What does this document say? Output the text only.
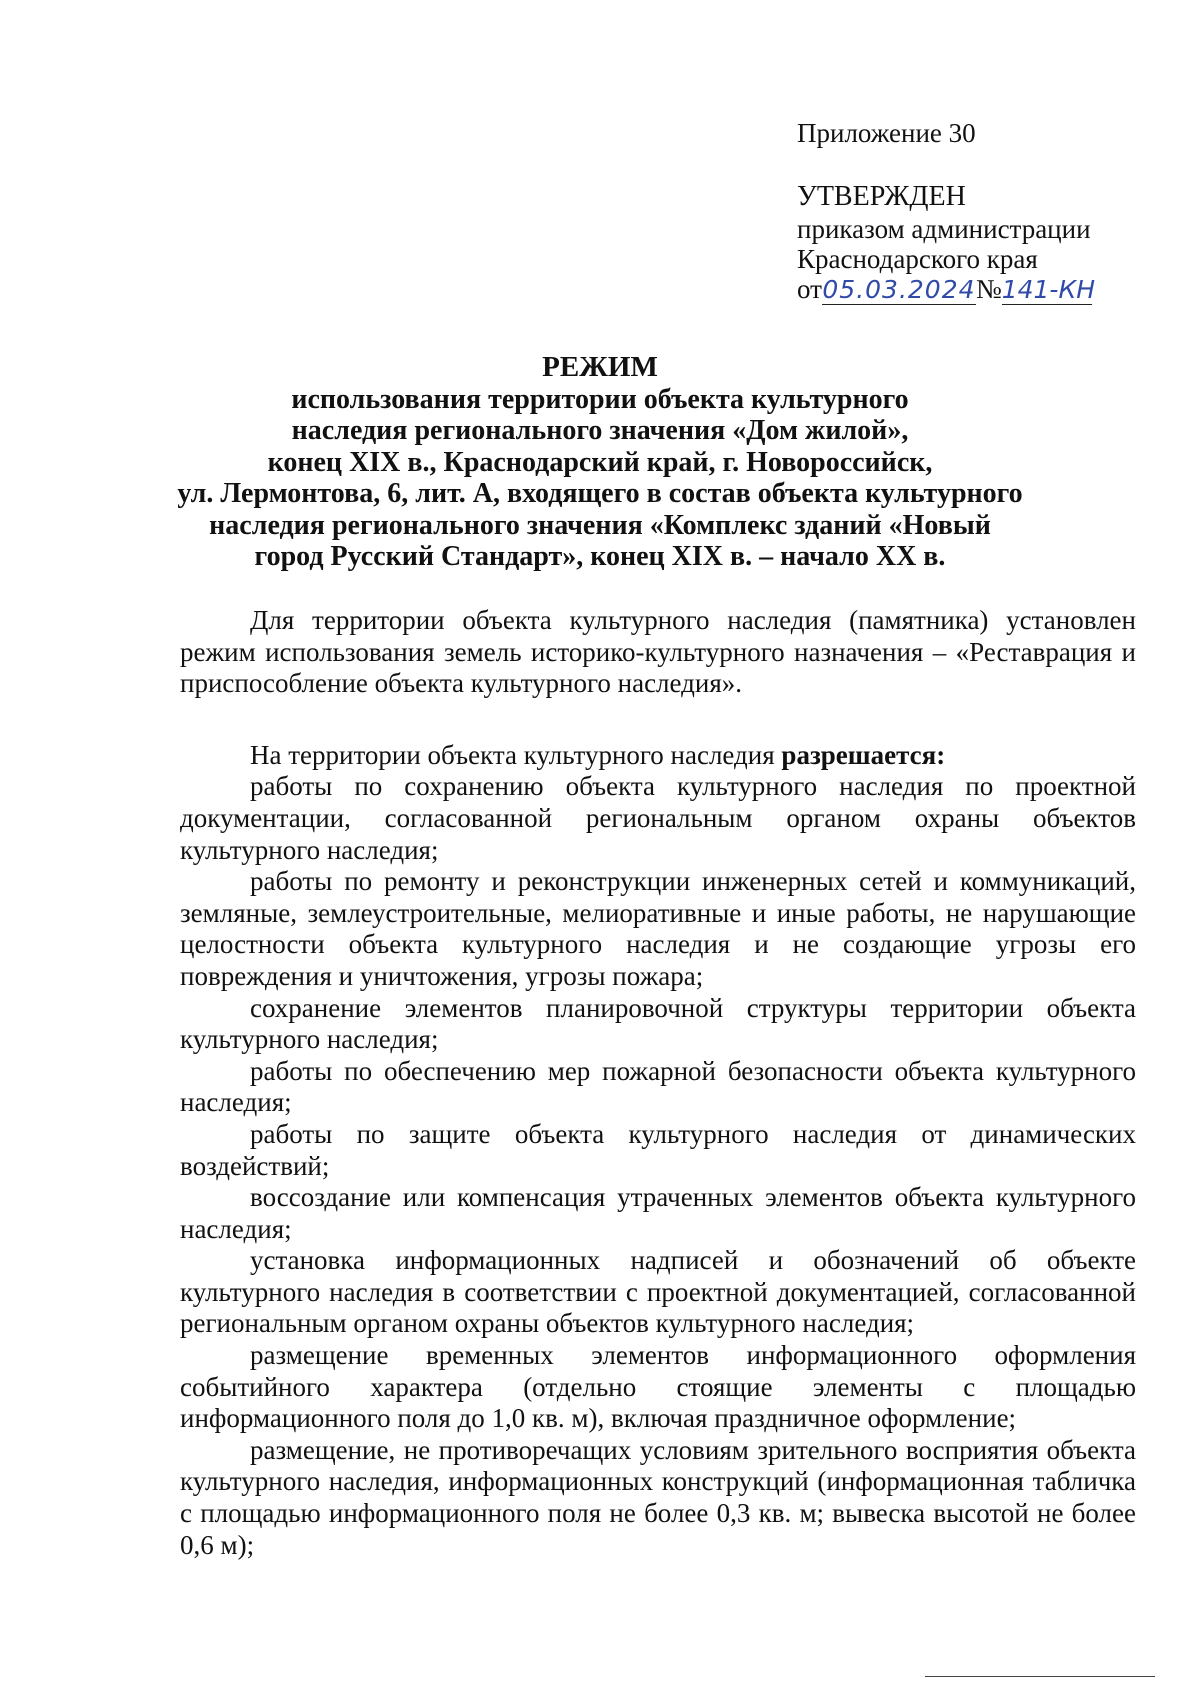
Приложение 30

УТВЕРЖДЕН

приказом администрации

Краснодарского края

от05.03.2024№141-КН

РЕЖИМ

использования территории объекта культурного

наследия регионального значения «Дом жилой»,

конец XIX в., Краснодарский край, г. Новороссийск,

ул. Лермонтова, 6, лит. А, входящего в состав объекта культурного

наследия регионального значения «Комплекс зданий «Новый

город Русский Стандарт», конец XIX в. – начало XX в.

Для территории объекта культурного наследия (памятника) установлен режим использования земель историко-культурного назначения – «Реставрация и приспособление объекта культурного наследия».

На территории объекта культурного наследия разрешается:

работы по сохранению объекта культурного наследия по проектной документации, согласованной региональным органом охраны объектов культурного наследия;

работы по ремонту и реконструкции инженерных сетей и коммуникаций, земляные, землеустроительные, мелиоративные и иные работы, не нарушающие целостности объекта культурного наследия и не создающие угрозы его повреждения и уничтожения, угрозы пожара;

сохранение элементов планировочной структуры территории объекта культурного наследия;

работы по обеспечению мер пожарной безопасности объекта культурного наследия;

работы по защите объекта культурного наследия от динамических воздействий;

воссоздание или компенсация утраченных элементов объекта культурного наследия;

установка информационных надписей и обозначений об объекте культурного наследия в соответствии с проектной документацией, согласованной региональным органом охраны объектов культурного наследия;

размещение временных элементов информационного оформления событийного характера (отдельно стоящие элементы с площадью информационного поля до 1,0 кв. м), включая праздничное оформление;

размещение, не противоречащих условиям зрительного восприятия объекта культурного наследия, информационных конструкций (информационная табличка с площадью информационного поля не более 0,3 кв. м; вывеска высотой не более 0,6 м);
